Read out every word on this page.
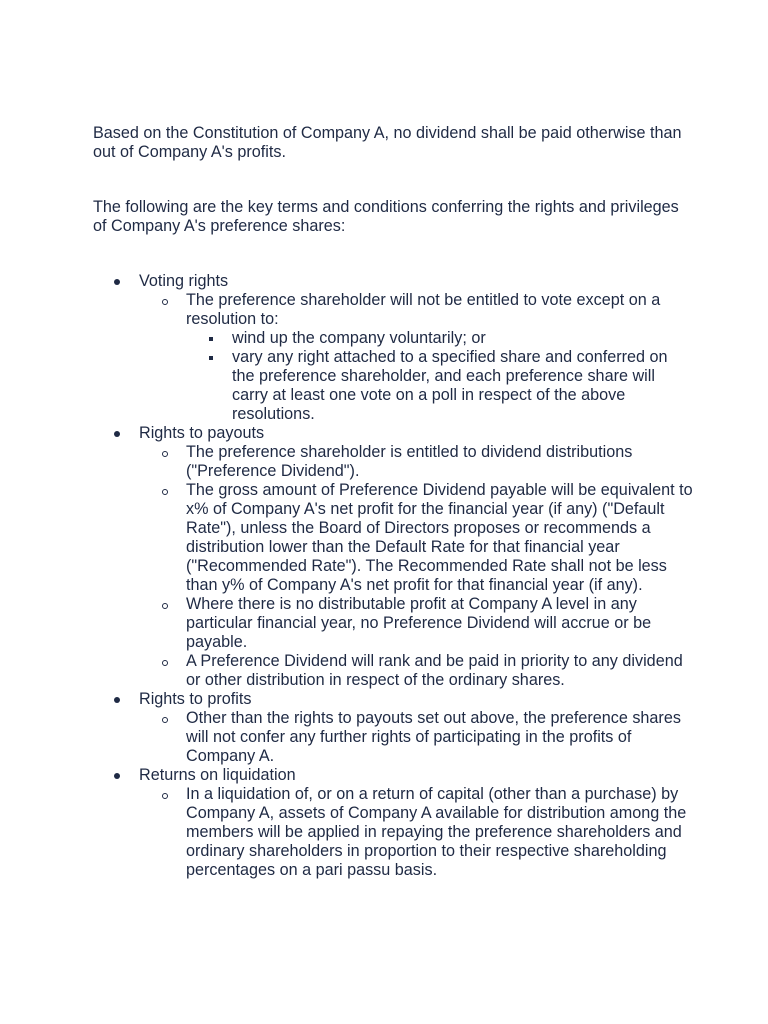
Based on the Constitution of Company A, no dividend shall be paid otherwise than out of Company A's profits.

The following are the key terms and conditions conferring the rights and privileges of Company A's preference shares:

Voting rights
The preference shareholder will not be entitled to vote except on a resolution to:
wind up the company voluntarily; or
vary any right attached to a specified share and conferred on the preference shareholder, and each preference share will carry at least one vote on a poll in respect of the above resolutions.
Rights to payouts
The preference shareholder is entitled to dividend distributions ("Preference Dividend").
The gross amount of Preference Dividend payable will be equivalent to x% of Company A's net profit for the financial year (if any) ("Default Rate"), unless the Board of Directors proposes or recommends a distribution lower than the Default Rate for that financial year ("Recommended Rate"). The Recommended Rate shall not be less than y% of Company A's net profit for that financial year (if any).
Where there is no distributable profit at Company A level in any particular financial year, no Preference Dividend will accrue or be payable.
A Preference Dividend will rank and be paid in priority to any dividend or other distribution in respect of the ordinary shares.
Rights to profits
Other than the rights to payouts set out above, the preference shares will not confer any further rights of participating in the profits of Company A.
Returns on liquidation
In a liquidation of, or on a return of capital (other than a purchase) by Company A, assets of Company A available for distribution among the members will be applied in repaying the preference shareholders and ordinary shareholders in proportion to their respective shareholding percentages on a pari passu basis.
